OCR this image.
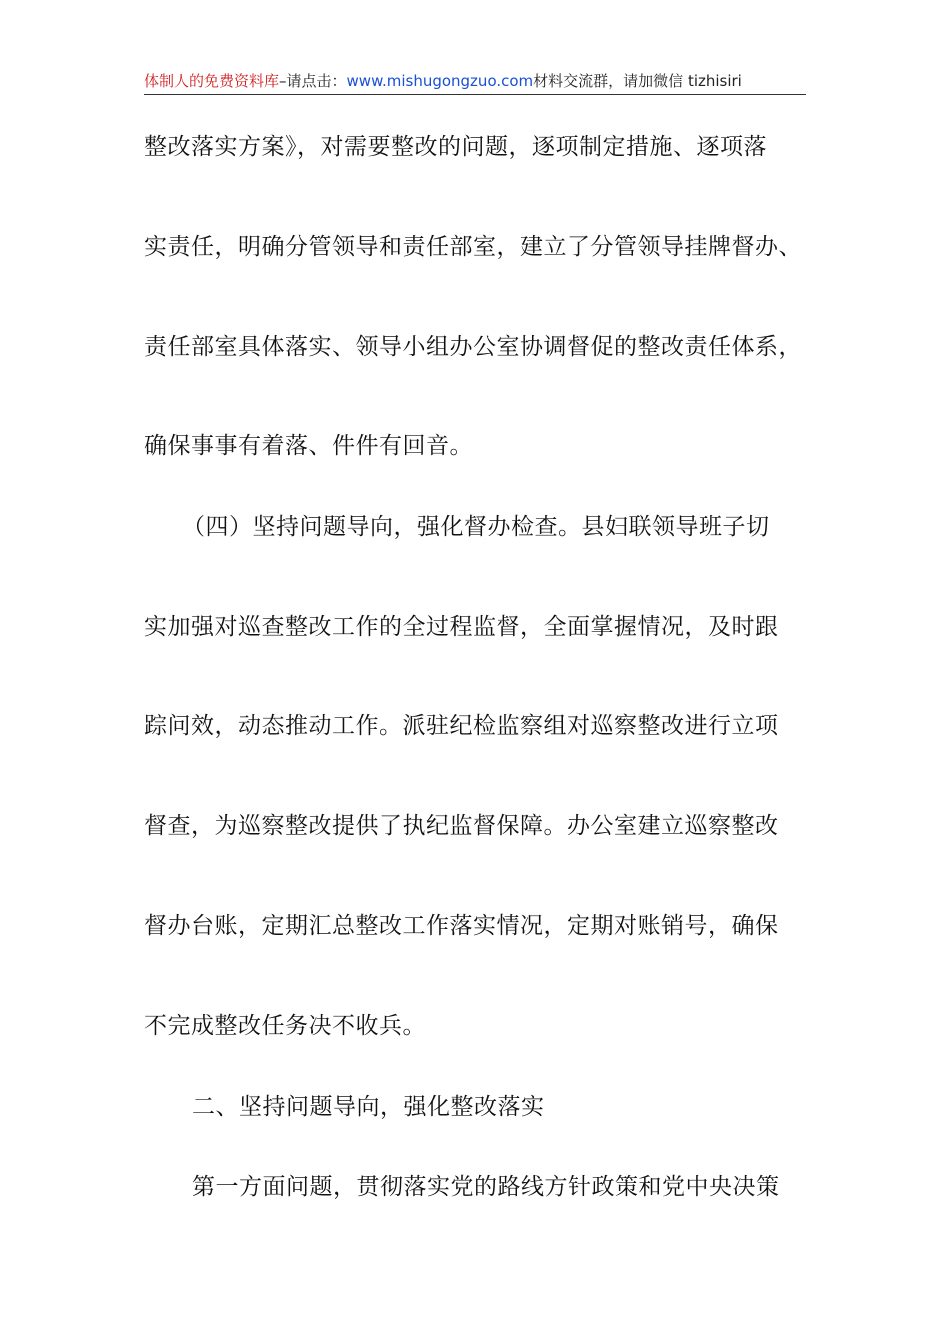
体制人的免费资料库–请点击：www.mishugongzuo.com材料交流群，请加微信 tizhisiri
整改落实方案》，对需要整改的问题，逐项制定措施、逐项落
实责任，明确分管领导和责任部室，建立了分管领导挂牌督办、
责任部室具体落实、领导小组办公室协调督促的整改责任体系，
确保事事有着落、件件有回音。
（四）坚持问题导向，强化督办检查。县妇联领导班子切
实加强对巡查整改工作的全过程监督，全面掌握情况，及时跟
踪问效，动态推动工作。派驻纪检监察组对巡察整改进行立项
督查，为巡察整改提供了执纪监督保障。办公室建立巡察整改
督办台账，定期汇总整改工作落实情况，定期对账销号，确保
不完成整改任务决不收兵。
二、坚持问题导向，强化整改落实
第一方面问题，贯彻落实党的路线方针政策和党中央决策
